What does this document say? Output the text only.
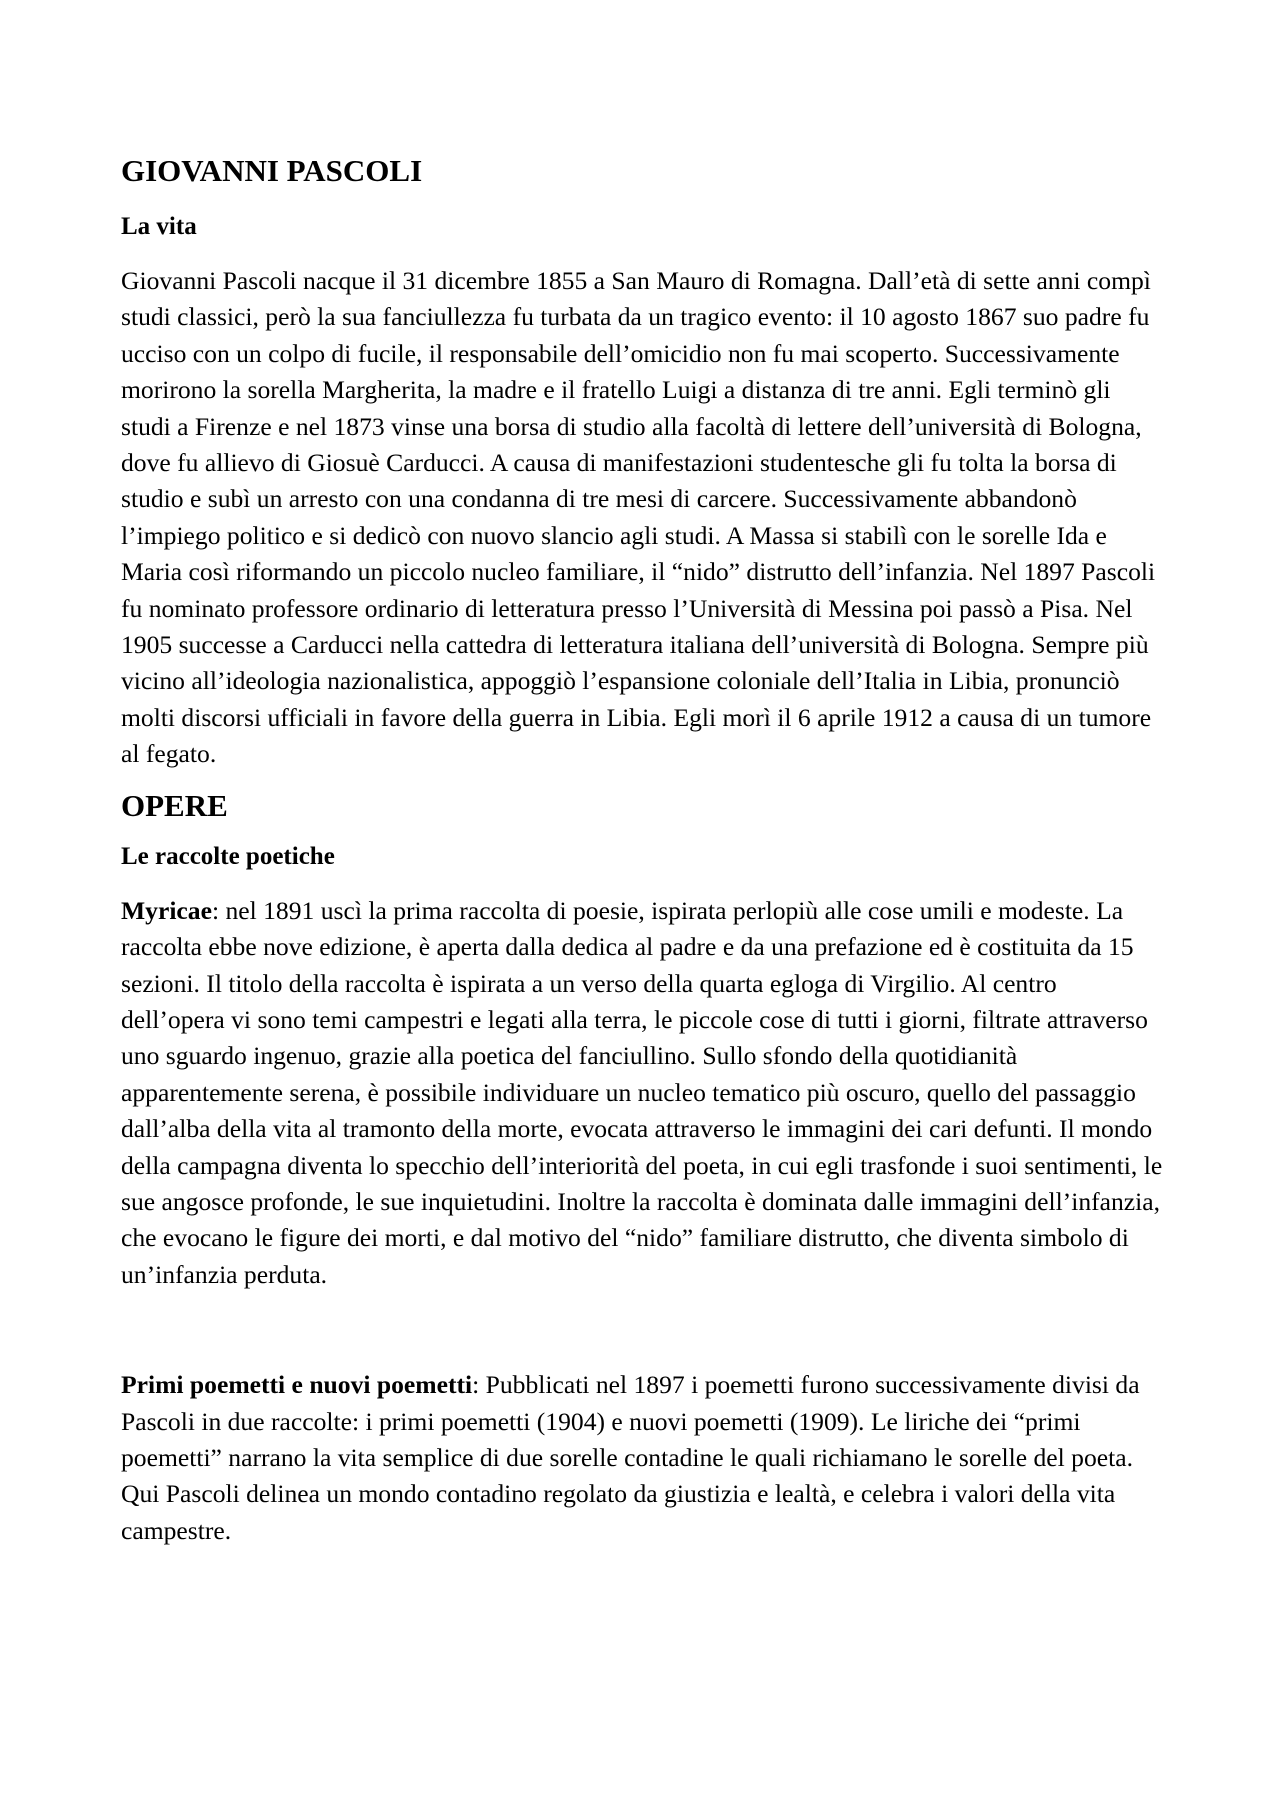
GIOVANNI PASCOLI
La vita

Giovanni Pascoli nacque il 31 dicembre 1855 a San Mauro di Romagna. Dall’età di sette anni compì studi classici, però la sua fanciullezza fu turbata da un tragico evento: il 10 agosto 1867 suo padre fu ucciso con un colpo di fucile, il responsabile dell’omicidio non fu mai scoperto. Successivamente morirono la sorella Margherita, la madre e il fratello Luigi a distanza di tre anni. Egli terminò gli studi a Firenze e nel 1873 vinse una borsa di studio alla facoltà di lettere dell’università di Bologna, dove fu allievo di Giosuè Carducci. A causa di manifestazioni studentesche gli fu tolta la borsa di studio e subì un arresto con una condanna di tre mesi di carcere. Successivamente abbandonò l’impiego politico e si dedicò con nuovo slancio agli studi. A Massa si stabilì con le sorelle Ida e Maria così riformando un piccolo nucleo familiare, il “nido” distrutto dell’infanzia. Nel 1897 Pascoli fu nominato professore ordinario di letteratura presso l’Università di Messina poi passò a Pisa. Nel 1905 successe a Carducci nella cattedra di letteratura italiana dell’università di Bologna. Sempre più vicino all’ideologia nazionalistica, appoggiò l’espansione coloniale dell’Italia in Libia, pronunciò molti discorsi ufficiali in favore della guerra in Libia. Egli morì il 6 aprile 1912 a causa di un tumore al fegato.

OPERE
Le raccolte poetiche

Myricae: nel 1891 uscì la prima raccolta di poesie, ispirata perlopiù alle cose umili e modeste. La raccolta ebbe nove edizione, è aperta dalla dedica al padre e da una prefazione ed è costituita da 15 sezioni. Il titolo della raccolta è ispirata a un verso della quarta egloga di Virgilio. Al centro dell’opera vi sono temi campestri e legati alla terra, le piccole cose di tutti i giorni, filtrate attraverso uno sguardo ingenuo, grazie alla poetica del fanciullino. Sullo sfondo della quotidianità apparentemente serena, è possibile individuare un nucleo tematico più oscuro, quello del passaggio dall’alba della vita al tramonto della morte, evocata attraverso le immagini dei cari defunti. Il mondo della campagna diventa lo specchio dell’interiorità del poeta, in cui egli trasfonde i suoi sentimenti, le sue angosce profonde, le sue inquietudini. Inoltre la raccolta è dominata dalle immagini dell’infanzia, che evocano le figure dei morti, e dal motivo del “nido” familiare distrutto, che diventa simbolo di un’infanzia perduta.

Primi poemetti e nuovi poemetti: Pubblicati nel 1897 i poemetti furono successivamente divisi da Pascoli in due raccolte: i primi poemetti (1904) e nuovi poemetti (1909). Le liriche dei “primi poemetti” narrano la vita semplice di due sorelle contadine le quali richiamano le sorelle del poeta. Qui Pascoli delinea un mondo contadino regolato da giustizia e lealtà, e celebra i valori della vita campestre.
